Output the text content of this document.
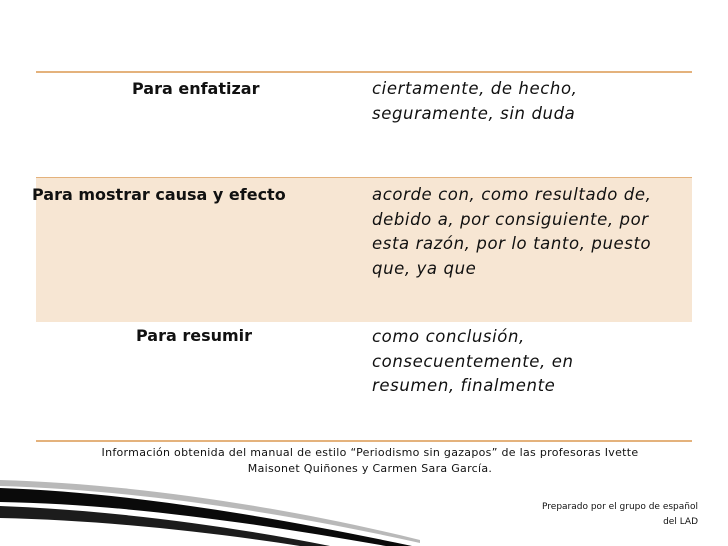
Para enfatizar	ciertamente, de hecho,
seguramente, sin duda
Para mostrar causa y efecto	acorde con, como resultado de,
debido a, por consiguiente, por
esta razón, por lo tanto, puesto
que, ya que
Para resumir	como conclusión,
consecuentemente, en
resumen, finalmente
Información obtenida del manual de estilo “Periodismo sin gazapos” de las profesoras Ivette
Maisonet Quiñones y Carmen Sara García.
Preparado por el grupo de español
del LAD
